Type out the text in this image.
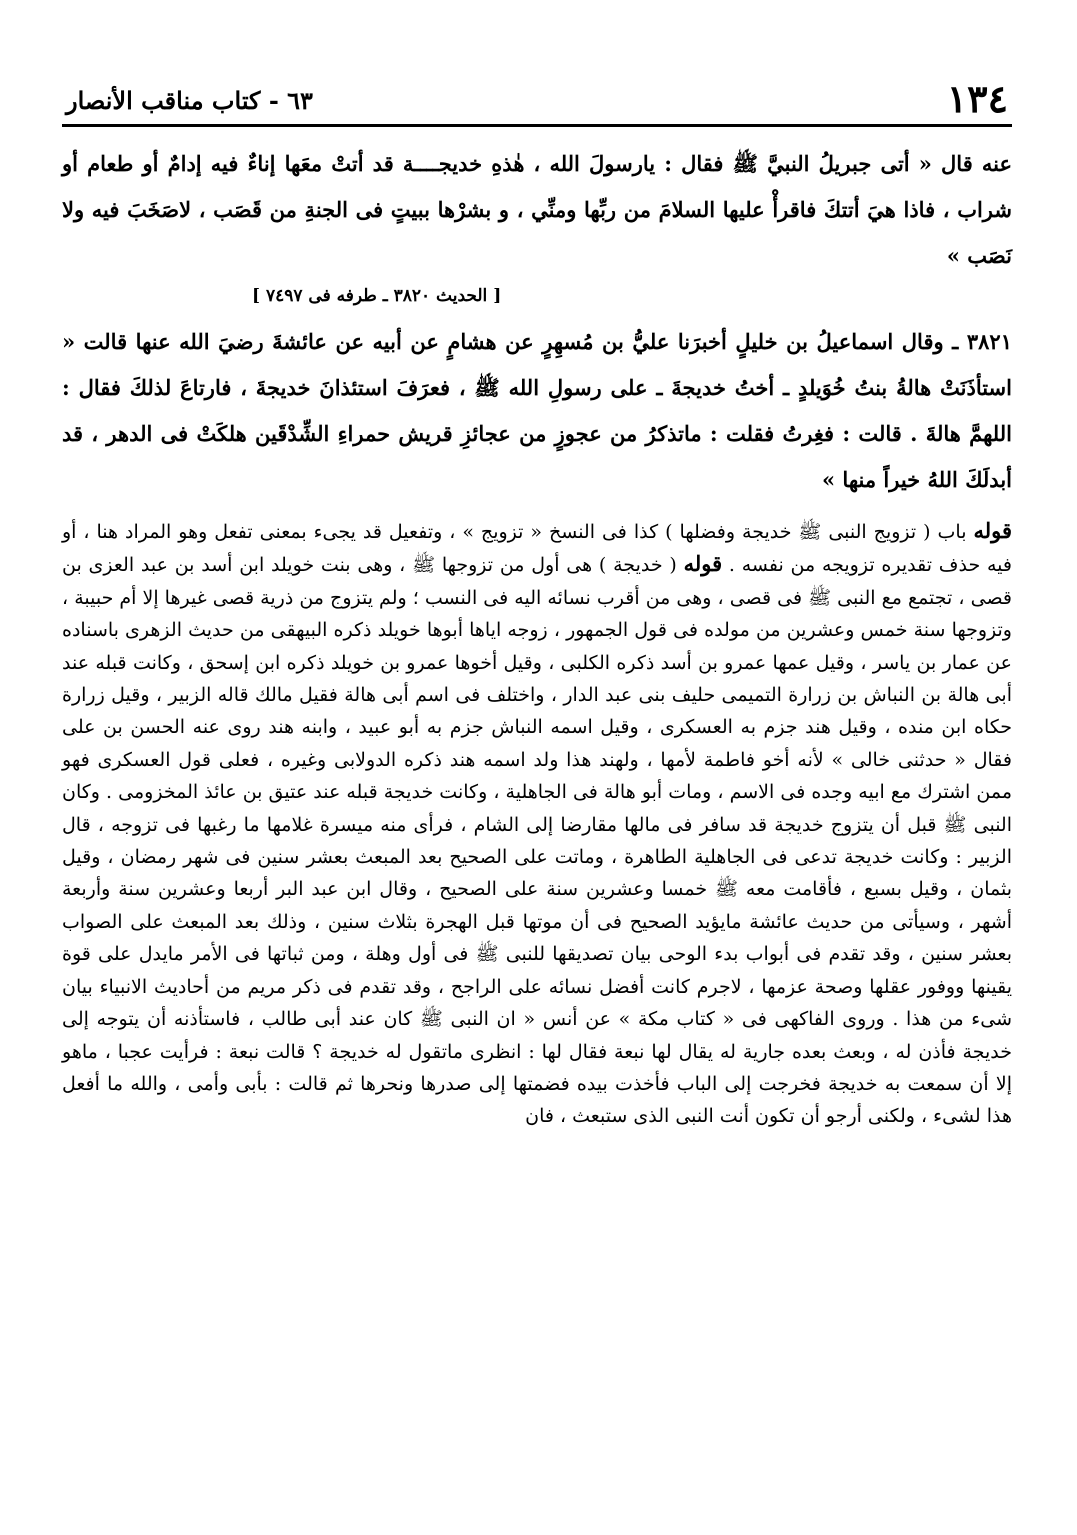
١٣٤
٦٣ - كتاب مناقب الأنصار

عنه قال « أتى جبريلُ النبيَّ ﷺ فقال : يارسولَ الله ، هٰذهِ خديجــــة قد أتتْ معَها إناءٌ فيه إدامٌ أو طعام أو شراب ، فاذا هيَ أتتكَ فاقرأْ عليها السلامَ من ربِّها ومنِّي ، و بشرْها ببيتٍ فى الجنةِ من قَصَب ، لاصَخَبَ فيه ولا نَصَب »

[ الحديث ٣٨٢٠ ـ طرفه فى ٧٤٩٧ ]

٣٨٢١ ـ وقال اسماعيلُ بن خليلٍ أخبرَنا عليُّ بن مُسهِرٍ عن هشامٍ عن أبيه عن عائشةَ رضيَ الله عنها قالت « استأذَنَتْ هالةُ بنتُ خُوَيلدٍ ـ أختُ خديجةَ ـ على رسولِ الله ﷺ ، فعرَفَ استئذانَ خديجةَ ، فارتاعَ لذلكَ فقال : اللهمَّ هالةَ . قالت : فغِرتُ فقلت : ماتذكرُ من عجوزٍ من عجائزِ قريش حمراءِ الشِّدْقَين هلكَتْ فى الدهر ، قد أبدلَكَ اللهُ خيراً منها »

قوله باب ( تزويج النبى ﷺ خديجة وفضلها ) كذا فى النسخ « تزويج » ، وتفعيل قد يجىء بمعنى تفعل وهو المراد هنا ، أو فيه حذف تقديره تزويجه من نفسه . قوله ( خديجة ) هى أول من تزوجها ﷺ ، وهى بنت خويلد ابن أسد بن عبد العزى بن قصى ، تجتمع مع النبى ﷺ فى قصى ، وهى من أقرب نسائه اليه فى النسب ؛ ولم يتزوج من ذرية قصى غيرها إلا أم حبيبة ، وتزوجها سنة خمس وعشرين من مولده فى قول الجمهور ، زوجه اياها أبوها خويلد ذكره البيهقى من حديث الزهرى باسناده عن عمار بن ياسر ، وقيل عمها عمرو بن أسد ذكره الكلبى ، وقيل أخوها عمرو بن خويلد ذكره ابن إسحق ، وكانت قبله عند أبى هالة بن النباش بن زرارة التميمى حليف بنى عبد الدار ، واختلف فى اسم أبى هالة فقيل مالك قاله الزبير ، وقيل زرارة حكاه ابن منده ، وقيل هند جزم به العسكرى ، وقيل اسمه النباش جزم به أبو عبيد ، وابنه هند روى عنه الحسن بن على فقال « حدثنى خالى » لأنه أخو فاطمة لأمها ، ولهند هذا ولد اسمه هند ذكره الدولابى وغيره ، فعلى قول العسكرى فهو ممن اشترك مع ابيه وجده فى الاسم ، ومات أبو هالة فى الجاهلية ، وكانت خديجة قبله عند عتيق بن عائذ المخزومى . وكان النبى ﷺ قبل أن يتزوج خديجة قد سافر فى مالها مقارضا إلى الشام ، فرأى منه ميسرة غلامها ما رغبها فى تزوجه ، قال الزبير : وكانت خديجة تدعى فى الجاهلية الطاهرة ، وماتت على الصحيح بعد المبعث بعشر سنين فى شهر رمضان ، وقيل بثمان ، وقيل بسبع ، فأقامت معه ﷺ خمسا وعشرين سنة على الصحيح ، وقال ابن عبد البر أربعا وعشرين سنة وأربعة أشهر ، وسيأتى من حديث عائشة مايؤيد الصحيح فى أن موتها قبل الهجرة بثلاث سنين ، وذلك بعد المبعث على الصواب بعشر سنين ، وقد تقدم فى أبواب بدء الوحى بيان تصديقها للنبى ﷺ فى أول وهلة ، ومن ثباتها فى الأمر مايدل على قوة يقينها ووفور عقلها وصحة عزمها ، لاجرم كانت أفضل نسائه على الراجح ، وقد تقدم فى ذكر مريم من أحاديث الانبياء بيان شىء من هذا . وروى الفاكهى فى « كتاب مكة » عن أنس « ان النبى ﷺ كان عند أبى طالب ، فاستأذنه أن يتوجه إلى خديجة فأذن له ، وبعث بعده جارية له يقال لها نبعة فقال لها : انظرى ماتقول له خديجة ؟ قالت نبعة : فرأيت عجبا ، ماهو إلا أن سمعت به خديجة فخرجت إلى الباب فأخذت بيده فضمتها إلى صدرها ونحرها ثم قالت : بأبى وأمى ، والله ما أفعل هذا لشىء ، ولكنى أرجو أن تكون أنت النبى الذى ستبعث ، فان
